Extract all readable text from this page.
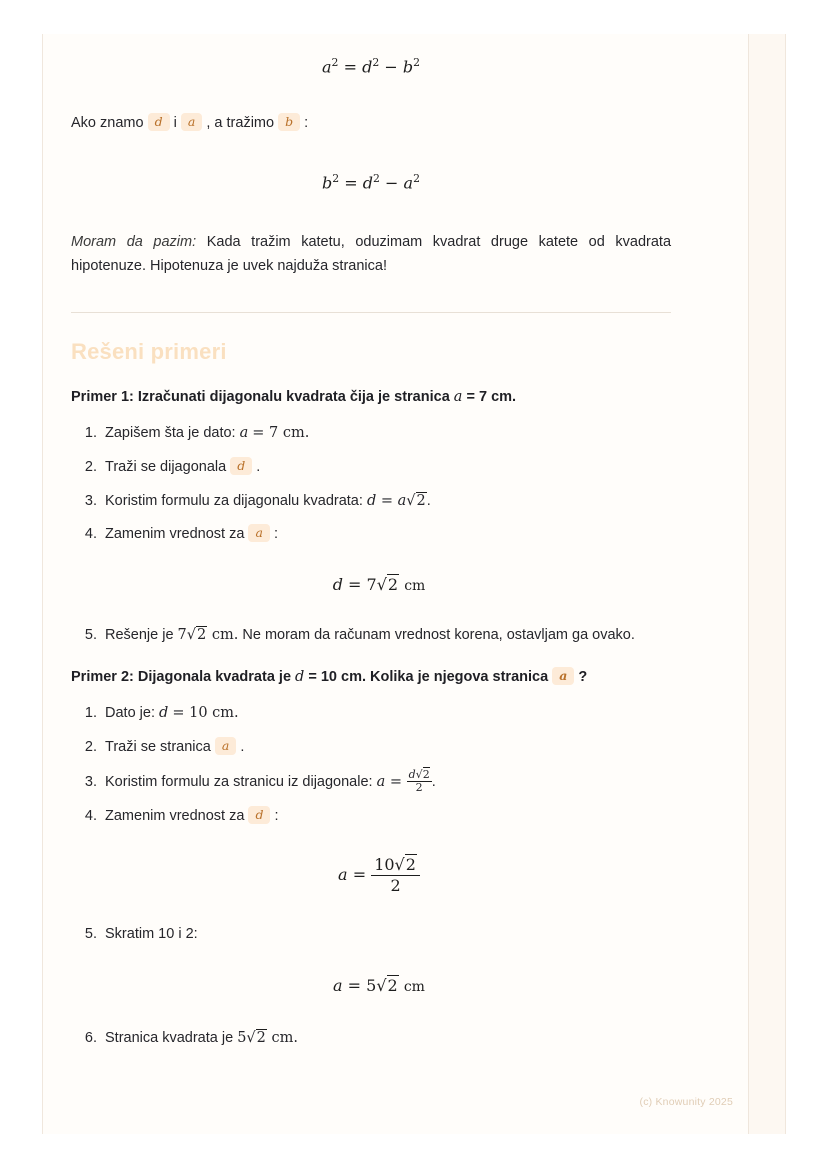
$a^2 = d^2 - b^2$

Ako znamo d i a , a tražimo b :

$b^2 = d^2 - a^2$

Moram da pazim: Kada tražim katetu, oduzimam kvadrat druge katete od kvadrata hipotenuze. Hipotenuza je uvek najduža stranica!

Rešeni primeri

Primer 1: Izračunati dijagonalu kvadrata čija je stranica a = 7 cm.

1. Zapišem šta je dato: a = 7 cm.
2. Traži se dijagonala d .
3. Koristim formulu za dijagonalu kvadrata: d = a√2.
4. Zamenim vrednost za a :
d = 7√2 cm
5. Rešenje je 7√2 cm. Ne moram da računam vrednost korena, ostavljam ga ovako.

Primer 2: Dijagonala kvadrata je d = 10 cm. Kolika je njegova stranica a ?

1. Dato je: d = 10 cm.
2. Traži se stranica a .
3. Koristim formulu za stranicu iz dijagonale: $a = \frac{d√2}{2}$ .
4. Zamenim vrednost za d :
$a = \frac{10√2}{2}$
5. Skratim 10 i 2:
a = 5√2 cm
6. Stranica kvadrata je 5√2 cm.
(c) Knowunity 2025
